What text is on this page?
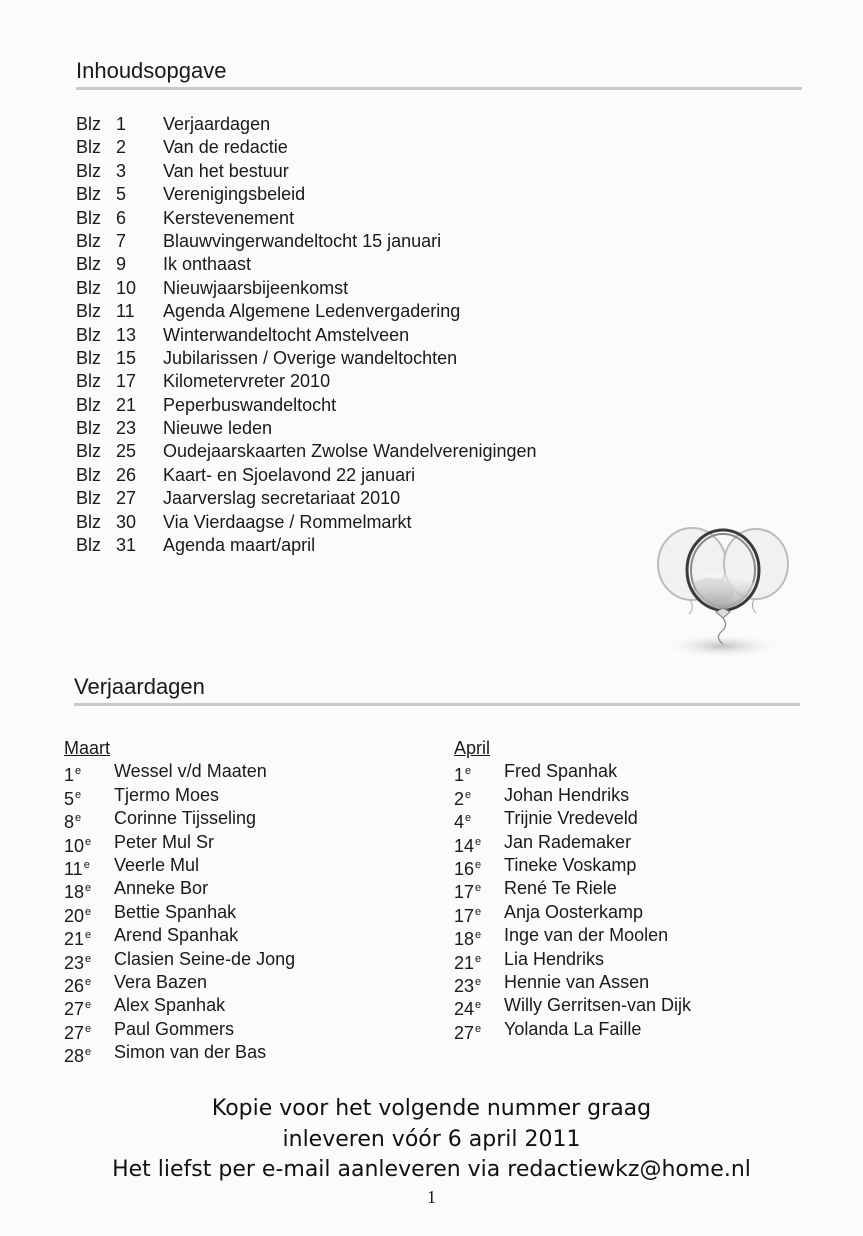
Inhoudsopgave
Blz 1	Verjaardagen
Blz 2	Van de redactie
Blz 3	Van het bestuur
Blz 5	Verenigingsbeleid
Blz 6	Kerstevenement
Blz 7	Blauwvingerwandeltocht 15 januari
Blz 9	Ik onthaast
Blz 10	Nieuwjaarsbijeenkomst
Blz 11	Agenda Algemene Ledenvergadering
Blz 13	Winterwandeltocht Amstelveen
Blz 15	Jubilarissen / Overige wandeltochten
Blz 17	Kilometervreter 2010
Blz 21	Peperbuswandeltocht
Blz 23	Nieuwe leden
Blz 25	Oudejaarskaarten Zwolse Wandelverenigingen
Blz 26	Kaart- en Sjoelavond 22 januari
Blz 27	Jaarverslag secretariaat 2010
Blz 30	Via Vierdaagse / Rommelmarkt
Blz 31	Agenda maart/april
Verjaardagen
Maart
1e	Wessel v/d Maaten
5e	Tjermo Moes
8e	Corinne Tijsseling
10e	Peter Mul Sr
11e	Veerle Mul
18e	Anneke Bor
20e	Bettie Spanhak
21e	Arend Spanhak
23e	Clasien Seine-de Jong
26e	Vera Bazen
27e	Alex Spanhak
27e	Paul Gommers
28e	Simon van der Bas
April
1e	Fred Spanhak
2e	Johan Hendriks
4e	Trijnie Vredeveld
14e	Jan Rademaker
16e	Tineke Voskamp
17e	René Te Riele
17e	Anja Oosterkamp
18e	Inge van der Moolen
21e	Lia Hendriks
23e	Hennie van Assen
24e	Willy Gerritsen-van Dijk
27e	Yolanda La Faille
Kopie voor het volgende nummer graag
inleveren vóór 6 april 2011
Het liefst per e-mail aanleveren via redactiewkz@home.nl
1
